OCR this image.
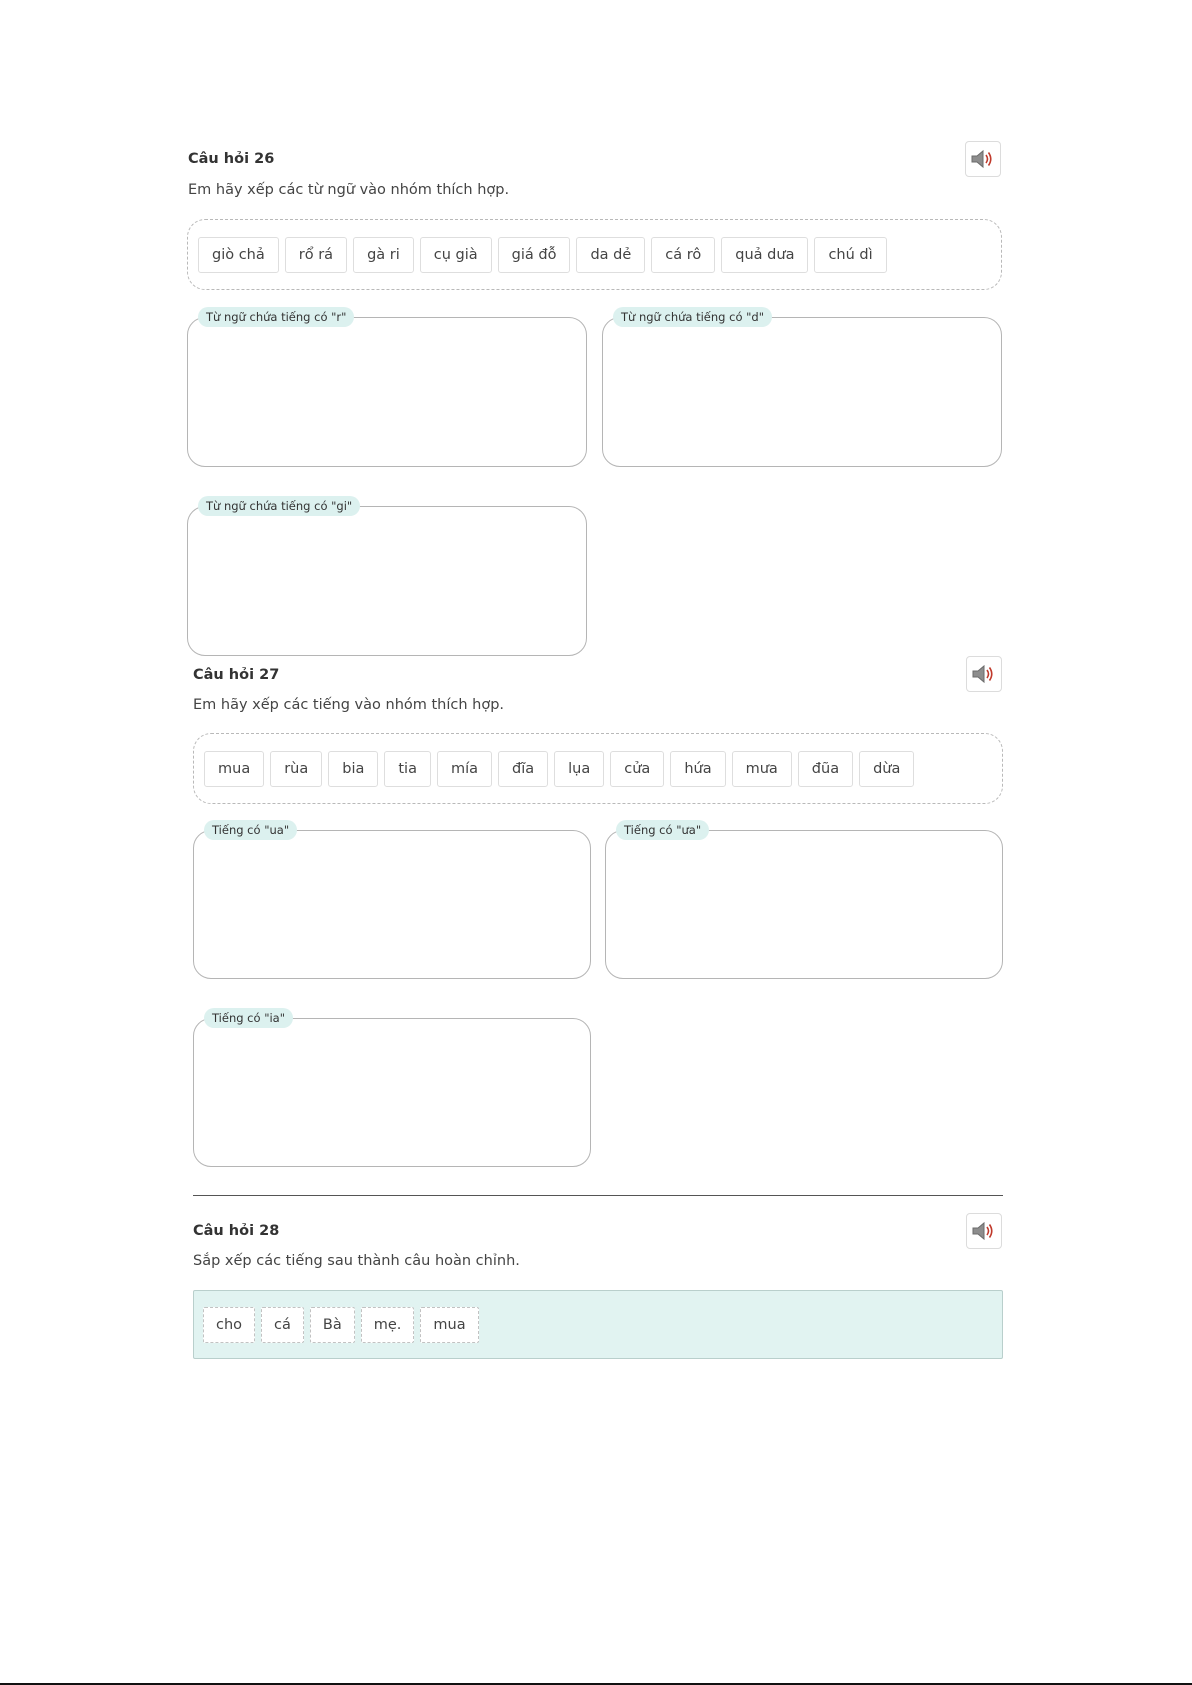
Câu hỏi 26
Em hãy xếp các từ ngữ vào nhóm thích hợp.
giò chả	rổ rá	gà ri	cụ già	giá đỗ	da dẻ	cá rô	quả dưa	chú dì
Từ ngữ chứa tiếng có "r"	Từ ngữ chứa tiếng có "d"
Từ ngữ chứa tiếng có "gi"
Câu hỏi 27
Em hãy xếp các tiếng vào nhóm thích hợp.
mua	rùa	bia	tia	mía	đĩa	lụa	cửa	hứa	mưa	đũa	dừa
Tiếng có "ua"	Tiếng có "ưa"
Tiếng có "ia"
Câu hỏi 28
Sắp xếp các tiếng sau thành câu hoàn chỉnh.
cho	cá	Bà	mẹ.	mua
